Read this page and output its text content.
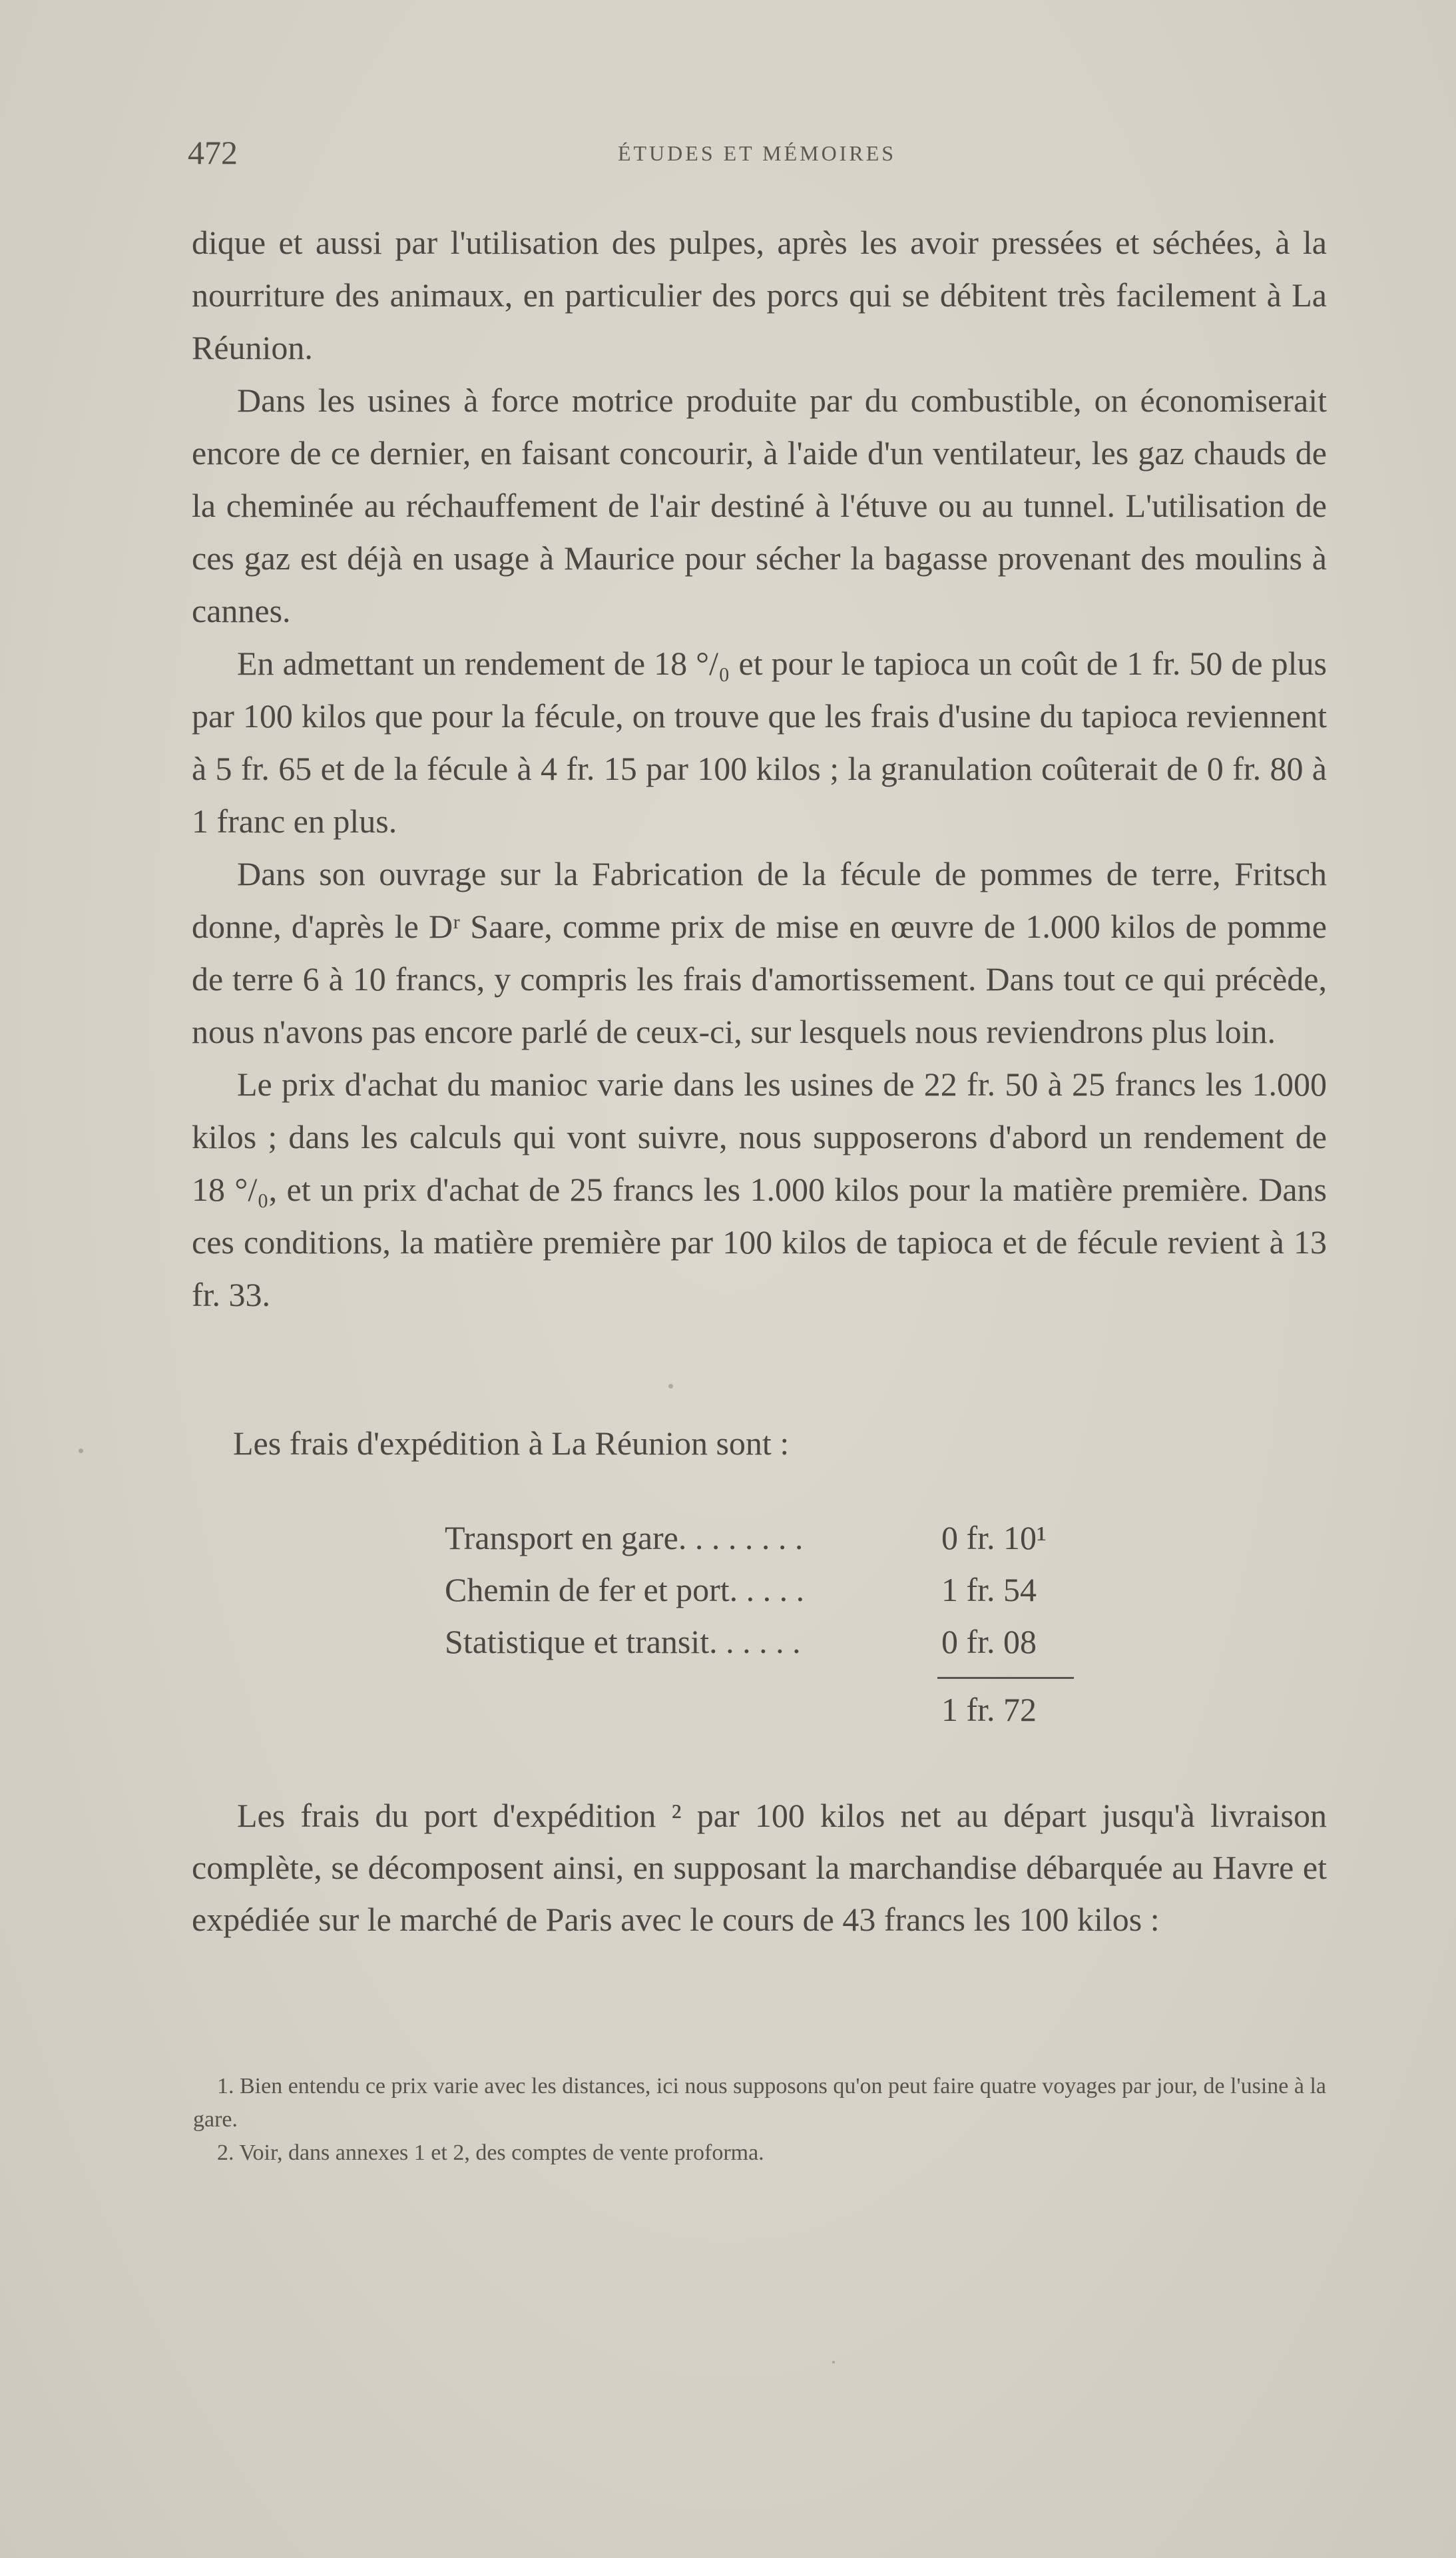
472	ÉTUDES ET MÉMOIRES

dique et aussi par l'utilisation des pulpes, après les avoir pressées et séchées, à la nourriture des animaux, en particulier des porcs qui se débitent très facilement à La Réunion.

Dans les usines à force motrice produite par du combustible, on économiserait encore de ce dernier, en faisant concourir, à l'aide d'un ventilateur, les gaz chauds de la cheminée au réchauffement de l'air destiné à l'étuve ou au tunnel. L'utilisation de ces gaz est déjà en usage à Maurice pour sécher la bagasse provenant des moulins à cannes.

En admettant un rendement de 18 °/₀ et pour le tapioca un coût de 1 fr. 50 de plus par 100 kilos que pour la fécule, on trouve que les frais d'usine du tapioca reviennent à 5 fr. 65 et de la fécule à 4 fr. 15 par 100 kilos ; la granulation coûterait de 0 fr. 80 à 1 franc en plus.

Dans son ouvrage sur la Fabrication de la fécule de pommes de terre, Fritsch donne, d'après le Dʳ Saare, comme prix de mise en œuvre de 1.000 kilos de pomme de terre 6 à 10 francs, y compris les frais d'amortissement. Dans tout ce qui précède, nous n'avons pas encore parlé de ceux-ci, sur lesquels nous reviendrons plus loin.

Le prix d'achat du manioc varie dans les usines de 22 fr. 50 à 25 francs les 1.000 kilos ; dans les calculs qui vont suivre, nous supposerons d'abord un rendement de 18 °/₀, et un prix d'achat de 25 francs les 1.000 kilos pour la matière première. Dans ces conditions, la matière première par 100 kilos de tapioca et de fécule revient à 13 fr. 33.

Les frais d'expédition à La Réunion sont :
Transport en gare. . . . . . . .	0 fr. 10¹
Chemin de fer et port. . . . .	1 fr. 54
Statistique et transit. . . . . .	0 fr. 08
1 fr. 72

Les frais du port d'expédition ² par 100 kilos net au départ jusqu'à livraison complète, se décomposent ainsi, en supposant la marchandise débarquée au Havre et expédiée sur le marché de Paris avec le cours de 43 francs les 100 kilos :

1. Bien entendu ce prix varie avec les distances, ici nous supposons qu'on peut faire quatre voyages par jour, de l'usine à la gare.

2. Voir, dans annexes 1 et 2, des comptes de vente proforma.
